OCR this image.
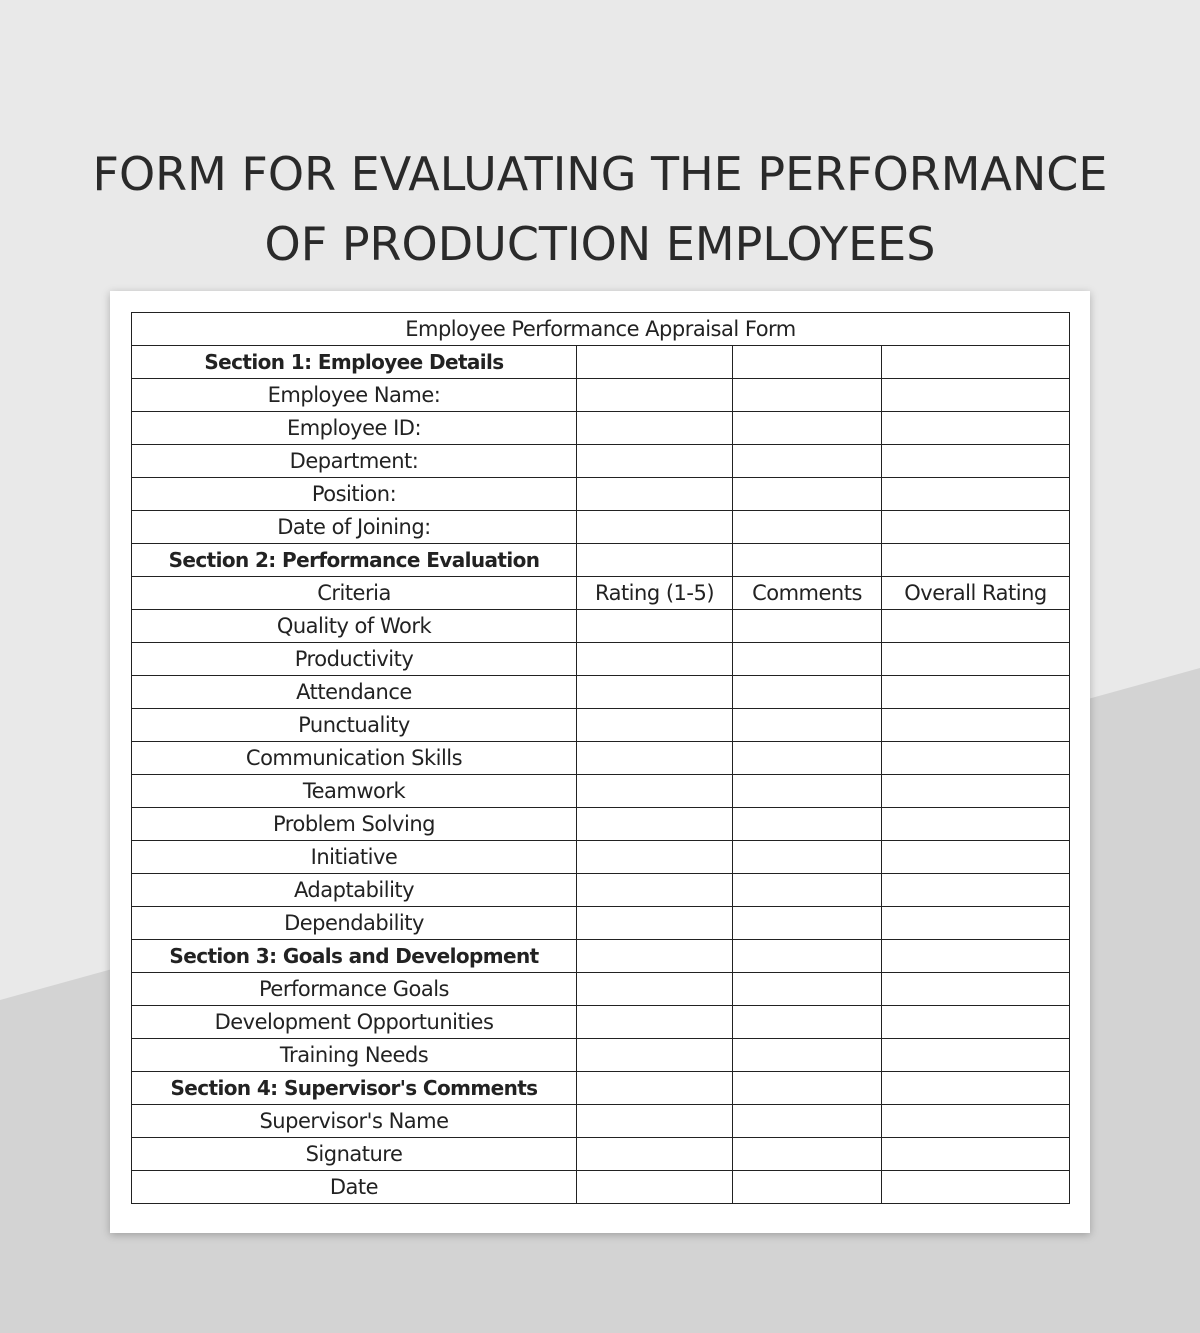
FORM FOR EVALUATING THE PERFORMANCE
OF PRODUCTION EMPLOYEES
Employee Performance Appraisal Form			
Section 1: Employee Details			
Employee Name:			
Employee ID:			
Department:			
Position:			
Date of Joining:			
Section 2: Performance Evaluation			
Criteria	Rating (1-5)	Comments	Overall Rating
Quality of Work			
Productivity			
Attendance			
Punctuality			
Communication Skills			
Teamwork			
Problem Solving			
Initiative			
Adaptability			
Dependability			
Section 3: Goals and Development			
Performance Goals			
Development Opportunities			
Training Needs			
Section 4: Supervisor's Comments			
Supervisor's Name			
Signature			
Date			
